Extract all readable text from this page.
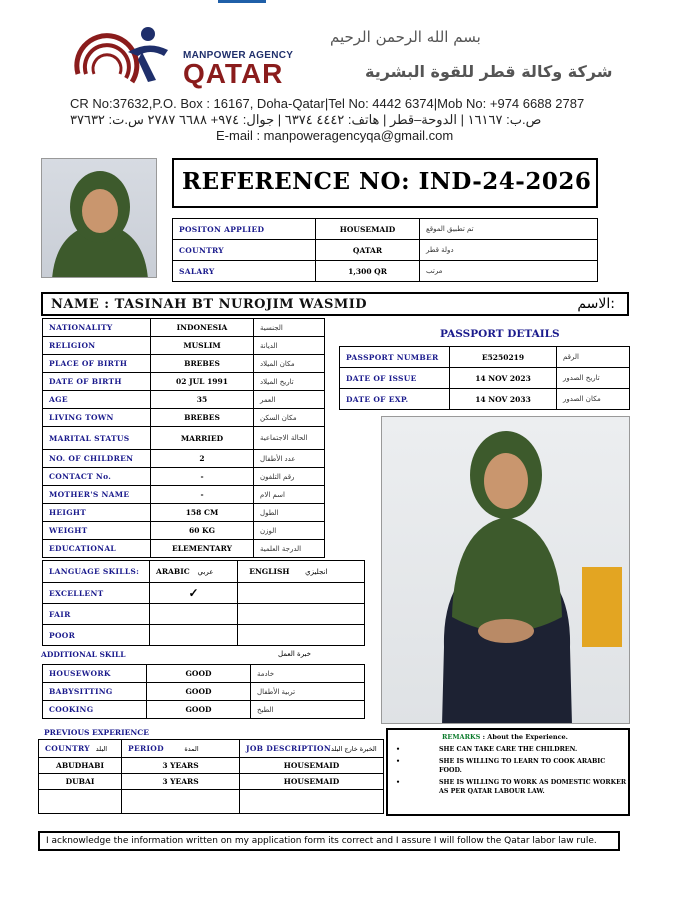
بسم الله الرحمن الرحيم
MANPOWER AGENCY
QATAR	شركة وكالة قطر للقوة البشرية
CR No:37632,P.O. Box : 16167, Doha-Qatar|Tel No: 4442 6374|Mob No: +974 6688 2787
ص.ب: ١٦١٦٧ | الدوحة–قطر | هاتف: ٤٤٤٢ ٦٣٧٤ | جوال: ٩٧٤+ ٦٦٨٨ ٢٧٨٧ س.ت: ٣٧٦٣٢
E-mail : manpoweragencyqa@gmail.com
REFERENCE NO: IND-24-2026
POSITON APPLIED	HOUSEMAID	تم تطبيق الموقع
COUNTRY	QATAR	دولة قطر
SALARY	1,300 QR	مرتب
NAME : TASINAH BT NUROJIM WASMID	الاسم:
NATIONALITY	INDONESIA	الجنسية
RELIGION	MUSLIM	الديانة
PLACE OF BIRTH	BREBES	مكان الميلاد
DATE OF BIRTH	02 JUL 1991	تاريخ الميلاد
AGE	35	العمر
LIVING TOWN	BREBES	مكان السكن
MARITAL STATUS	MARRIED	الحالة الاجتماعية
NO. OF CHILDREN	2	عدد الأطفال
CONTACT No.	-	رقم التلفون
MOTHER'S NAME	-	اسم الام
HEIGHT	158 CM	الطول
WEIGHT	60 KG	الوزن
EDUCATIONAL	ELEMENTARY	الدرجة العلمية
PASSPORT DETAILS
PASSPORT NUMBER	E5250219	الرقم
DATE OF ISSUE	14 NOV 2023	تاريخ الصدور
DATE OF EXP.	14 NOV 2033	مكان الصدور
LANGUAGE SKILLS:	ARABIC عربي	ENGLISH انجليزي
EXCELLENT	✓	
FAIR		
POOR		
ADDITIONAL SKILL	خبرة العمل
HOUSEWORK	GOOD	خادمة
BABYSITTING	GOOD	تربية الأطفال
COOKING	GOOD	الطبخ
PREVIOUS EXPERIENCE
COUNTRY البلد	PERIOD المدة	JOB DESCRIPTIONالخبرة خارج البلد
ABUDHABI	3 YEARS	HOUSEMAID
DUBAI	3 YEARS	HOUSEMAID

REMARKS : About the Experience.
• SHE CAN TAKE CARE THE CHILDREN.
• SHE IS WILLING TO LEARN TO COOK ARABIC FOOD.
• SHE IS WILLING TO WORK AS DOMESTIC WORKER AS PER QATAR LABOUR LAW.
I acknowledge the information written on my application form its correct and I assure I will follow the Qatar labor law rule.
